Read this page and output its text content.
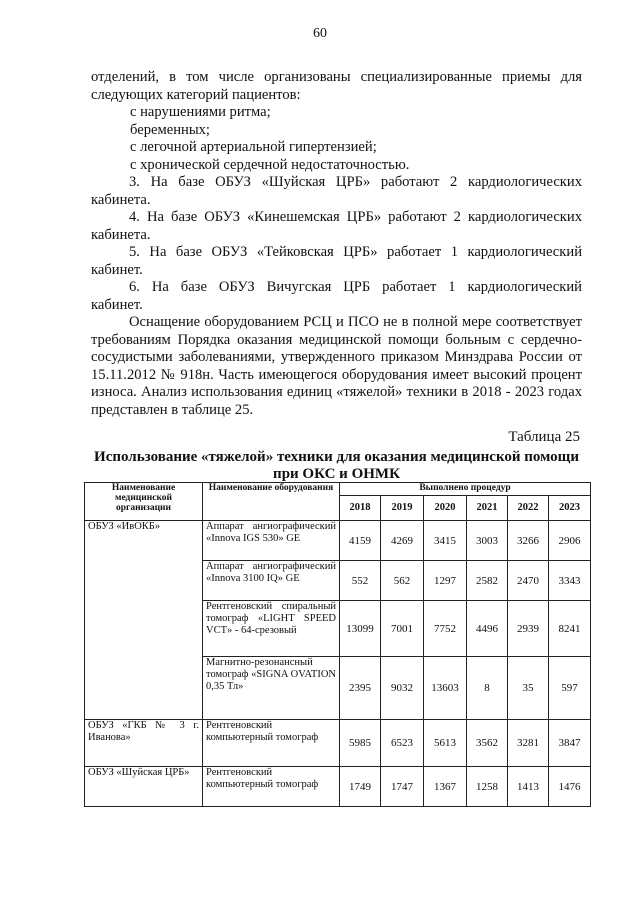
60

отделений, в том числе организованы специализированные приемы для

следующих категорий пациентов:

с нарушениями ритма;
беременных;
с легочной артериальной гипертензией;
с хронической сердечной недостаточностью.

3. На базе ОБУЗ «Шуйская ЦРБ» работают 2 кардиологических

кабинета.

4. На базе ОБУЗ «Кинешемская ЦРБ» работают 2 кардиологических

кабинета.

5. На базе ОБУЗ «Тейковская ЦРБ» работает 1 кардиологический

кабинет.

6. На базе ОБУЗ Вичугская ЦРБ работает 1 кардиологический

кабинет.

Оснащение оборудованием РСЦ и ПСО не в полной мере соответствует требованиям Порядка оказания медицинской помощи больным с сердечно-сосудистыми заболеваниями, утвержденного приказом Минздрава России от 15.11.2012 № 918н. Часть имеющегося оборудования имеет высокий процент износа. Анализ использования единиц «тяжелой» техники в 2018 - 2023 годах представлен в таблице 25.

Таблица 25
Использование «тяжелой» техники для оказания медицинской помощи при ОКС и ОНМК
Наименование медицинской организации	Наименование оборудования	Выполнено процедур					
		2018	2019	2020	2021	2022	2023
ОБУЗ «ИвОКБ»	Аппарат ангиографический «Innova IGS 530» GE	4159	4269	3415	3003	3266	2906
	Аппарат ангиографический «Innova 3100 IQ» GE	552	562	1297	2582	2470	3343
	Рентгеновский спиральный томограф «LIGHT SPEED VCT» - 64-срезовый	13099	7001	7752	4496	2939	8241
	Магнитно-резонансный томограф «SIGNA OVATION 0,35 Тл»	2395	9032	13603	8	35	597
ОБУЗ «ГКБ № 3 г. Иванова»	Рентгеновский компьютерный томограф	5985	6523	5613	3562	3281	3847
ОБУЗ «Шуйская ЦРБ»	Рентгеновский компьютерный томограф	1749	1747	1367	1258	1413	1476
